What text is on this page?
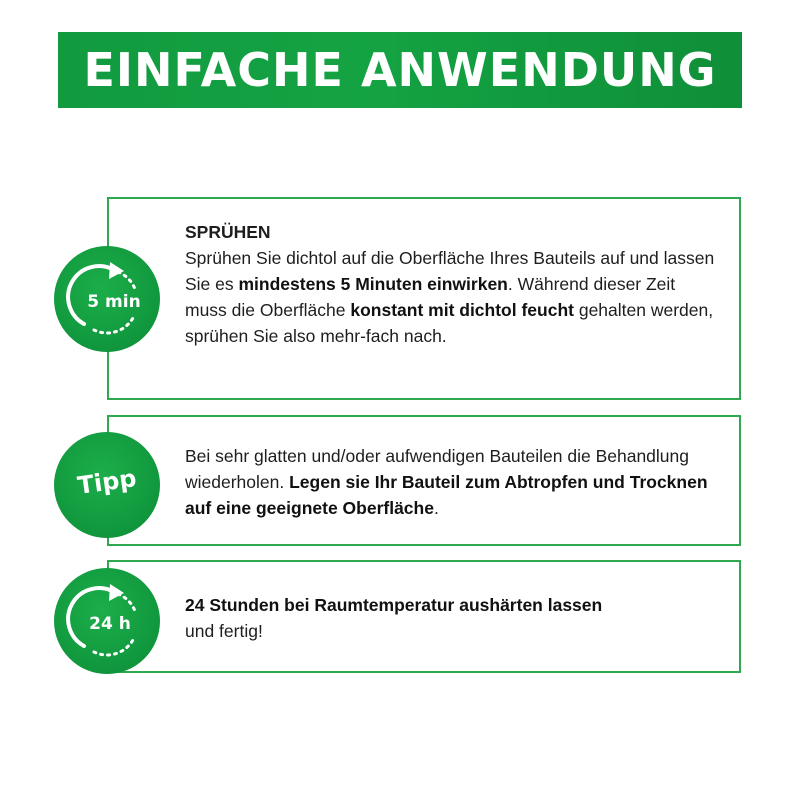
EINFACHE ANWENDUNG
SPRÜHEN
Sprühen Sie dichtol auf die Oberfläche Ihres Bauteils auf und lassen Sie es mindestens 5 Minuten einwirken. Während dieser Zeit muss die Oberfläche konstant mit dichtol feucht gehalten werden, sprühen Sie also mehr-fach nach.
5 min
Bei sehr glatten und/oder aufwendigen Bauteilen die Behandlung wiederholen. Legen sie Ihr Bauteil zum Abtropfen und Trocknen auf eine geeignete Oberfläche.
Tipp
24 Stunden bei Raumtemperatur aushärten lassen
und fertig!
24 h
